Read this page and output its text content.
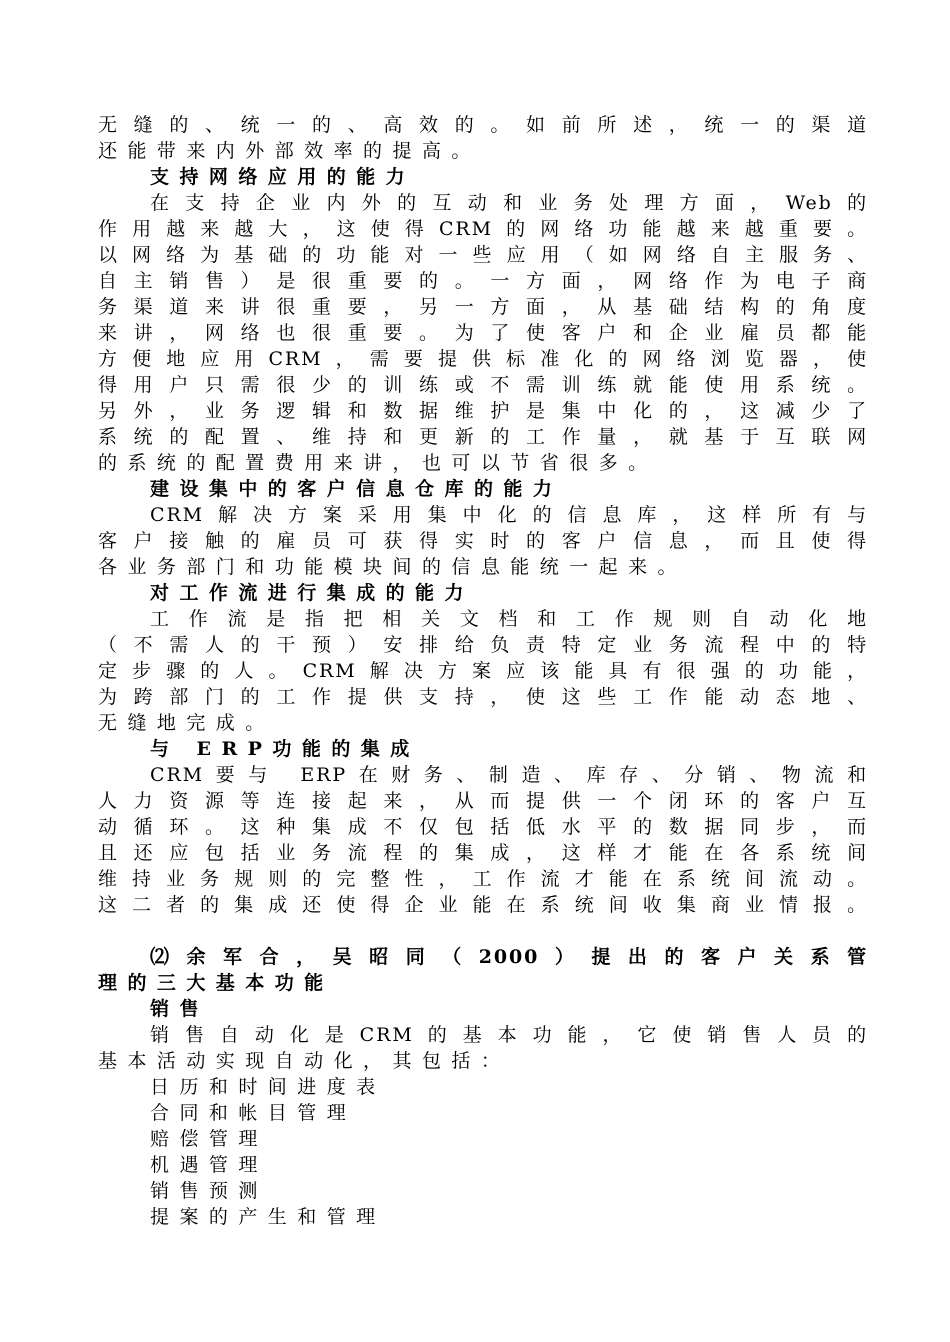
无缝的、统一的、高效的。如前所述，统一的渠道
还能带来内外部效率的提高。
支持网络应用的能力
在支持企业内外的互动和业务处理方面，Web的
作用越来越大，这使得CRM的网络功能越来越重要。
以网络为基础的功能对一些应用（如网络自主服务、
自主销售）是很重要的。一方面，网络作为电子商
务渠道来讲很重要，另一方面，从基础结构的角度
来讲，网络也很重要。为了使客户和企业雇员都能
方便地应用CRM，需要提供标准化的网络浏览器，使
得用户只需很少的训练或不需训练就能使用系统。
另外，业务逻辑和数据维护是集中化的，这减少了
系统的配置、维持和更新的工作量，就基于互联网
的系统的配置费用来讲，也可以节省很多。
建设集中的客户信息仓库的能力
CRM解决方案采用集中化的信息库，这样所有与
客户接触的雇员可获得实时的客户信息，而且使得
各业务部门和功能模块间的信息能统一起来。
对工作流进行集成的能力
工作流是指把相关文档和工作规则自动化地
（不需人的干预）安排给负责特定业务流程中的特
定步骤的人。CRM解决方案应该能具有很强的功能，
为跨部门的工作提供支持，使这些工作能动态地、
无缝地完成。
与 ERP功能的集成
CRM要与 ERP在财务、制造、库存、分销、物流和
人力资源等连接起来，从而提供一个闭环的客户互
动循环。这种集成不仅包括低水平的数据同步，而
且还应包括业务流程的集成，这样才能在各系统间
维持业务规则的完整性，工作流才能在系统间流动。
这二者的集成还使得企业能在系统间收集商业情报。
⑵余军合，吴昭同（2000）提出的客户关系管
理的三大基本功能
销售
销售自动化是CRM的基本功能，它使销售人员的
基本活动实现自动化，其包括：
日历和时间进度表
合同和帐目管理
赔偿管理
机遇管理
销售预测
提案的产生和管理
